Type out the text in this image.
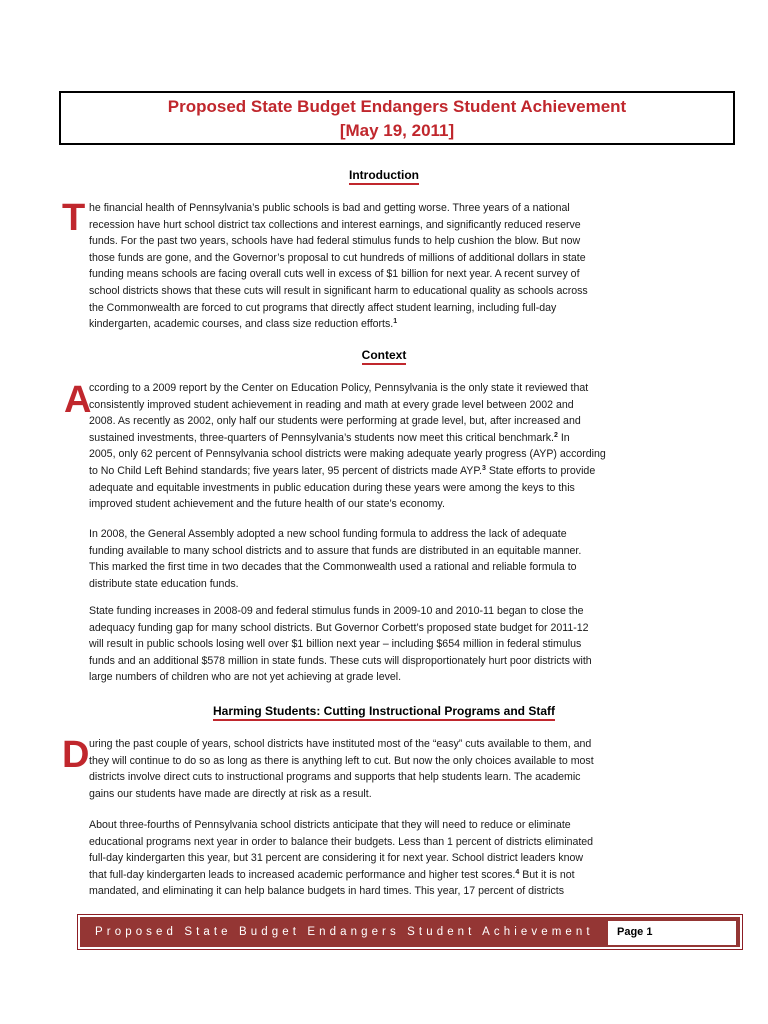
Proposed State Budget Endangers Student Achievement
[May 19, 2011]
Introduction
T he financial health of Pennsylvania’s public schools is bad and getting worse. Three years of a national
recession have hurt school district tax collections and interest earnings, and significantly reduced reserve
funds. For the past two years, schools have had federal stimulus funds to help cushion the blow. But now
those funds are gone, and the Governor’s proposal to cut hundreds of millions of additional dollars in state
funding means schools are facing overall cuts well in excess of $1 billion for next year. A recent survey of
school districts shows that these cuts will result in significant harm to educational quality as schools across
the Commonwealth are forced to cut programs that directly affect student learning, including full-day
kindergarten, academic courses, and class size reduction efforts.$^1$
Context
A
ccording to a 2009 report by the Center on Education Policy, Pennsylvania is the only state it reviewed that
consistently improved student achievement in reading and math at every grade level between 2002 and
2008. As recently as 2002, only half our students were performing at grade level, but, after increased and
sustained investments, three-quarters of Pennsylvania’s students now meet this critical benchmark.$^2$ In
2005, only 62 percent of Pennsylvania school districts were making adequate yearly progress (AYP) according
to No Child Left Behind standards; five years later, 95 percent of districts made AYP.$^3$ State efforts to provide
adequate and equitable investments in public education during these years were among the keys to this
improved student achievement and the future health of our state’s economy.
In 2008, the General Assembly adopted a new school funding formula to address the lack of adequate
funding available to many school districts and to assure that funds are distributed in an equitable manner.
This marked the first time in two decades that the Commonwealth used a rational and reliable formula to
distribute state education funds.
State funding increases in 2008-09 and federal stimulus funds in 2009-10 and 2010-11 began to close the
adequacy funding gap for many school districts. But Governor Corbett’s proposed state budget for 2011-12
will result in public schools losing well over $1 billion next year – including $654 million in federal stimulus
funds and an additional $578 million in state funds. These cuts will disproportionately hurt poor districts with
large numbers of children who are not yet achieving at grade level.
Harming Students: Cutting Instructional Programs and Staff
D uring the past couple of years, school districts have instituted most of the “easy” cuts available to them, and
they will continue to do so as long as there is anything left to cut. But now the only choices available to most
districts involve direct cuts to instructional programs and supports that help students learn. The academic
gains our students have made are directly at risk as a result.
About three-fourths of Pennsylvania school districts anticipate that they will need to reduce or eliminate
educational programs next year in order to balance their budgets. Less than 1 percent of districts eliminated
full-day kindergarten this year, but 31 percent are considering it for next year. School district leaders know
that full-day kindergarten leads to increased academic performance and higher test scores.$^4$ But it is not
mandated, and eliminating it can help balance budgets in hard times. This year, 17 percent of districts
Proposed State Budget Endangers Student Achievement Page 1
